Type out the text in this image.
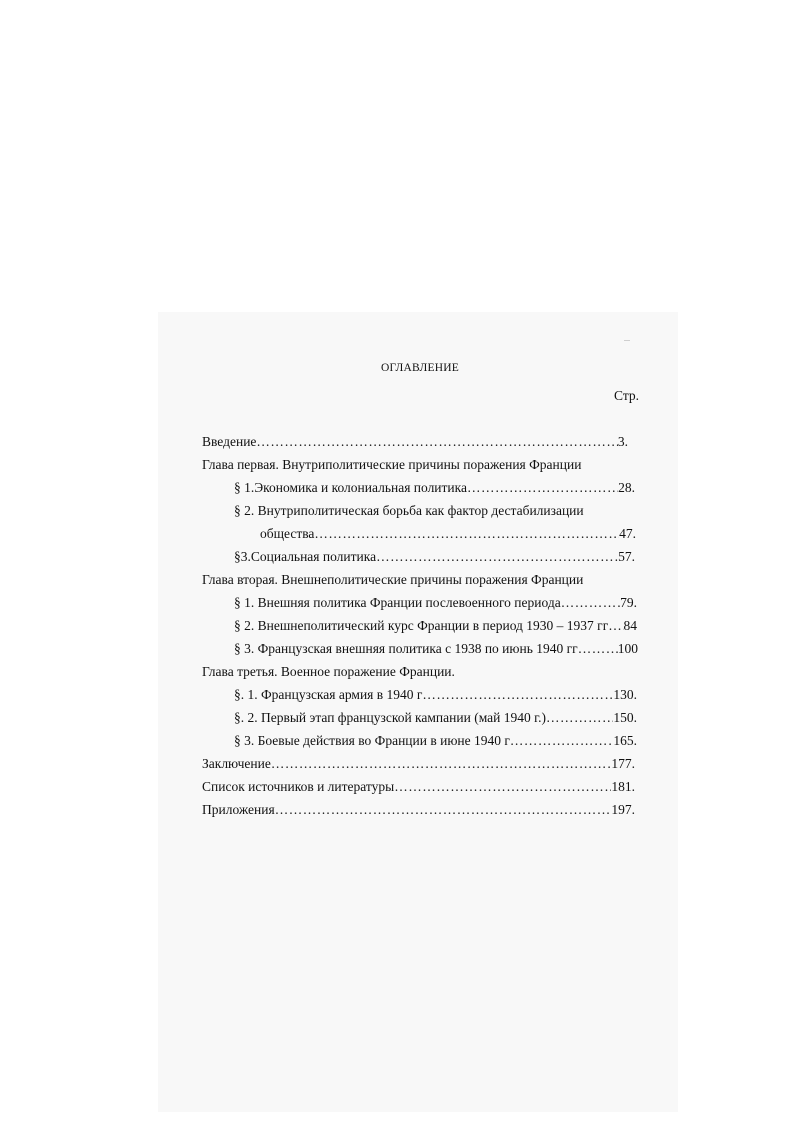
ОГЛАВЛЕНИЕ
Стр.
Введение …………………………………………………………………………………………………………………………………………………………………………	3.
Глава первая. Внутриполитические причины поражения Франции
§ 1.Экономика и колониальная политика …………………………………………………………………………………………………………………………………………………………………………	28.
§ 2. Внутриполитическая борьба как фактор дестабилизации
общества …………………………………………………………………………………………………………………………………………………………………………	47.
§3.Социальная политика …………………………………………………………………………………………………………………………………………………………………………	57.
Глава вторая. Внешнеполитические причины поражения Франции
§ 1. Внешняя политика Франции послевоенного периода …………………………………………………………………………………………………………………………………………………………………………	79.
§ 2. Внешнеполитический курс Франции в период 1930 – 1937 гг ………………………………………………………………………………………………………………………………………………………………………… 84
§ 3. Французская внешняя политика с 1938 по июнь 1940 гг …………………………………………………………………………………………………………………………………………………………………………	100
Глава третья. Военное поражение Франции.
§. 1. Французская армия в 1940 г …………………………………………………………………………………………………………………………………………………………………………	130.
§. 2. Первый этап французской кампании (май 1940 г.) …………………………………………………………………………………………………………………………………………………………………………	150.
§ 3. Боевые действия во Франции в июне 1940 г …………………………………………………………………………………………………………………………………………………………………………	165.
Заключение …………………………………………………………………………………………………………………………………………………………………………	177.
Список источников и литературы …………………………………………………………………………………………………………………………………………………………………………	181.
Приложения …………………………………………………………………………………………………………………………………………………………………………	197.
